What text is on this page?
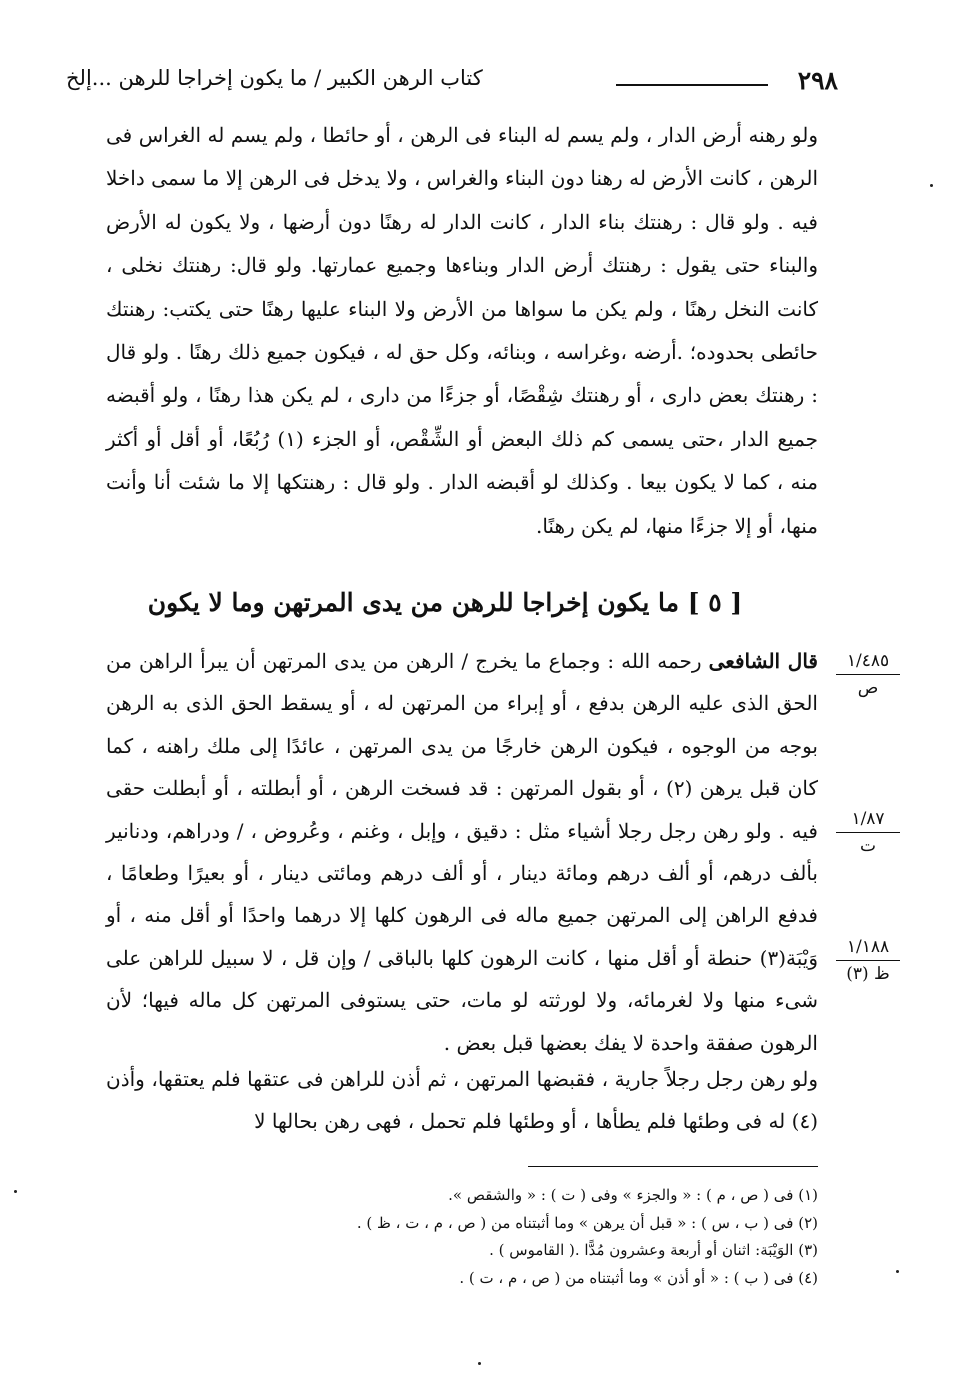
٢٩٨
كتاب الرهن الكبير / ما يكون إخراجا للرهن ...إلخ

ولو رهنه أرض الدار ، ولم يسم له البناء فى الرهن ، أو حائطا ، ولم يسم له الغراس فى الرهن ، كانت الأرض له رهنا دون البناء والغراس ، ولا يدخل فى الرهن إلا ما سمى داخلا فيه . ولو قال : رهنتك بناء الدار ، كانت الدار له رهنًا دون أرضها ، ولا يكون له الأرض والبناء حتى يقول : رهنتك أرض الدار وبناءها وجميع عمارتها. ولو قال: رهنتك نخلى ، كانت النخل رهنًا ، ولم يكن ما سواها من الأرض ولا البناء عليها رهنًا حتى يكتب: رهنتك حائطى بحدوده؛ .أرضه ،وغراسه ، وبنائه، وكل حق له ، فيكون جميع ذلك رهنًا . ولو قال : رهنتك بعض دارى ، أو رهنتك شِقْصًا، أو جزءًا من دارى ، لم يكن هذا رهنًا ، ولو أقبضه جميع الدار ،حتى يسمى كم ذلك البعض أو الشِّقْص، أو الجزء (١) رُبُعًا، أو أقل أو أكثر منه ، كما لا يكون بيعا . وكذلك لو أقبضه الدار . ولو قال : رهنتكها إلا ما شئت أنا وأنت منها، أو إلا جزءًا منها، لم يكن رهنًا.

[ ٥ ] ما يكون إخراجا للرهن من يدى المرتهن وما لا يكون

قال الشافعى رحمه الله : وجماع ما يخرج / الرهن من يدى المرتهن أن يبرأ الراهن من الحق الذى عليه الرهن بدفع ، أو إبراء من المرتهن له ، أو يسقط الحق الذى به الرهن بوجه من الوجوه ، فيكون الرهن خارجًا من يدى المرتهن ، عائدًا إلى ملك راهنه ، كما كان قبل يرهن (٢) ، أو بقول المرتهن : قد فسخت الرهن ، أو أبطلته ، أو أبطلت حقى فيه . ولو رهن رجل رجلا أشياء مثل : دقيق ، وإبل ، وغنم ، وعُروض ، / ودراهم، ودنانير بألف درهم، أو ألف درهم ومائة دينار ، أو ألف درهم ومائتى دينار ، أو بعيرًا وطعامًا ، فدفع الراهن إلى المرتهن جميع ماله فى الرهون كلها إلا درهما واحدًا أو أقل منه ، أو وَيْبَة(٣) حنطة أو أقل منها ، كانت الرهون كلها بالباقى / وإن قل ، لا سبيل للراهن على شىء منها ولا لغرمائه، ولا لورثته لو مات، حتى يستوفى المرتهن كل ماله فيها؛ لأن الرهون صفقة واحدة لا يفك بعضها قبل بعض .

ولو رهن رجل رجلاً جارية ، فقبضها المرتهن ، ثم أذن للراهن فى عتقها فلم يعتقها، وأذن (٤) له فى وطئها فلم يطأها ، أو وطئها فلم تحمل ، فهى رهن بحالها لا

١/٤٨٥
ص
١/٨٧
ت
١/١٨٨
ظ (٣)
(١) فى ( ص ، م ) : « والجزء » وفى ( ت ) : « والشقص ».
(٢) فى ( ب ، س ) : « قبل أن يرهن » وما أثبتناه من ( ص ، م ، ت ، ظ ) .
(٣) الوَيْبَة: اثنان أو أربعة وعشرون مُدًّا .( القاموس ) .
(٤) فى ( ب ) : « أو أذن » وما أثبتناه من ( ص ، م ، ت ) .
